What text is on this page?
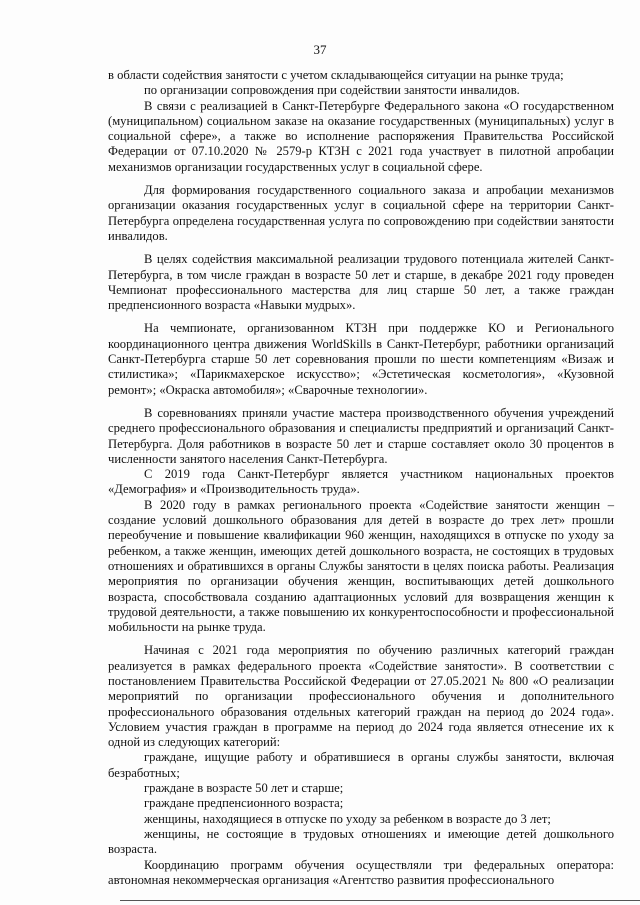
37

в области содействия занятости с учетом складывающейся ситуации на рынке труда;

по организации сопровождения при содействии занятости инвалидов.

В связи с реализацией в Санкт-Петербурге Федерального закона «О государственном (муниципальном) социальном заказе на оказание государственных (муниципальных) услуг в социальной сфере», а также во исполнение распоряжения Правительства Российской Федерации от 07.10.2020 № 2579-р КТЗН с 2021 года участвует в пилотной апробации механизмов организации государственных услуг в социальной сфере.

Для формирования государственного социального заказа и апробации механизмов организации оказания государственных услуг в социальной сфере на территории Санкт-Петербурга определена государственная услуга по сопровождению при содействии занятости инвалидов.

В целях содействия максимальной реализации трудового потенциала жителей Санкт-Петербурга, в том числе граждан в возрасте 50 лет и старше, в декабре 2021 году проведен Чемпионат профессионального мастерства для лиц старше 50 лет, а также граждан предпенсионного возраста «Навыки мудрых».

На чемпионате, организованном КТЗН при поддержке КО и Регионального координационного центра движения WorldSkills в Санкт-Петербург, работники организаций Санкт-Петербурга старше 50 лет соревнования прошли по шести компетенциям «Визаж и стилистика»; «Парикмахерское искусство»; «Эстетическая косметология», «Кузовной ремонт»; «Окраска автомобиля»; «Сварочные технологии».

В соревнованиях приняли участие мастера производственного обучения учреждений среднего профессионального образования и специалисты предприятий и организаций Санкт-Петербурга. Доля работников в возрасте 50 лет и старше составляет около 30 процентов в численности занятого населения Санкт-Петербурга.

С 2019 года Санкт-Петербург является участником национальных проектов «Демография» и «Производительность труда».

В 2020 году в рамках регионального проекта «Содействие занятости женщин – создание условий дошкольного образования для детей в возрасте до трех лет» прошли переобучение и повышение квалификации 960 женщин, находящихся в отпуске по уходу за ребенком, а также женщин, имеющих детей дошкольного возраста, не состоящих в трудовых отношениях и обратившихся в органы Службы занятости в целях поиска работы. Реализация мероприятия по организации обучения женщин, воспитывающих детей дошкольного возраста, способствовала созданию адаптационных условий для возвращения женщин к трудовой деятельности, а также повышению их конкурентоспособности и профессиональной мобильности на рынке труда.

Начиная с 2021 года мероприятия по обучению различных категорий граждан реализуется в рамках федерального проекта «Содействие занятости». В соответствии с постановлением Правительства Российской Федерации от 27.05.2021 № 800 «О реализации мероприятий по организации профессионального обучения и дополнительного профессионального образования отдельных категорий граждан на период до 2024 года». Условием участия граждан в программе на период до 2024 года является отнесение их к одной из следующих категорий:

граждане, ищущие работу и обратившиеся в органы службы занятости, включая безработных;

граждане в возрасте 50 лет и старше;

граждане предпенсионного возраста;

женщины, находящиеся в отпуске по уходу за ребенком в возрасте до 3 лет;

женщины, не состоящие в трудовых отношениях и имеющие детей дошкольного возраста.

Координацию программ обучения осуществляли три федеральных оператора: автономная некоммерческая организация «Агентство развития профессионального
